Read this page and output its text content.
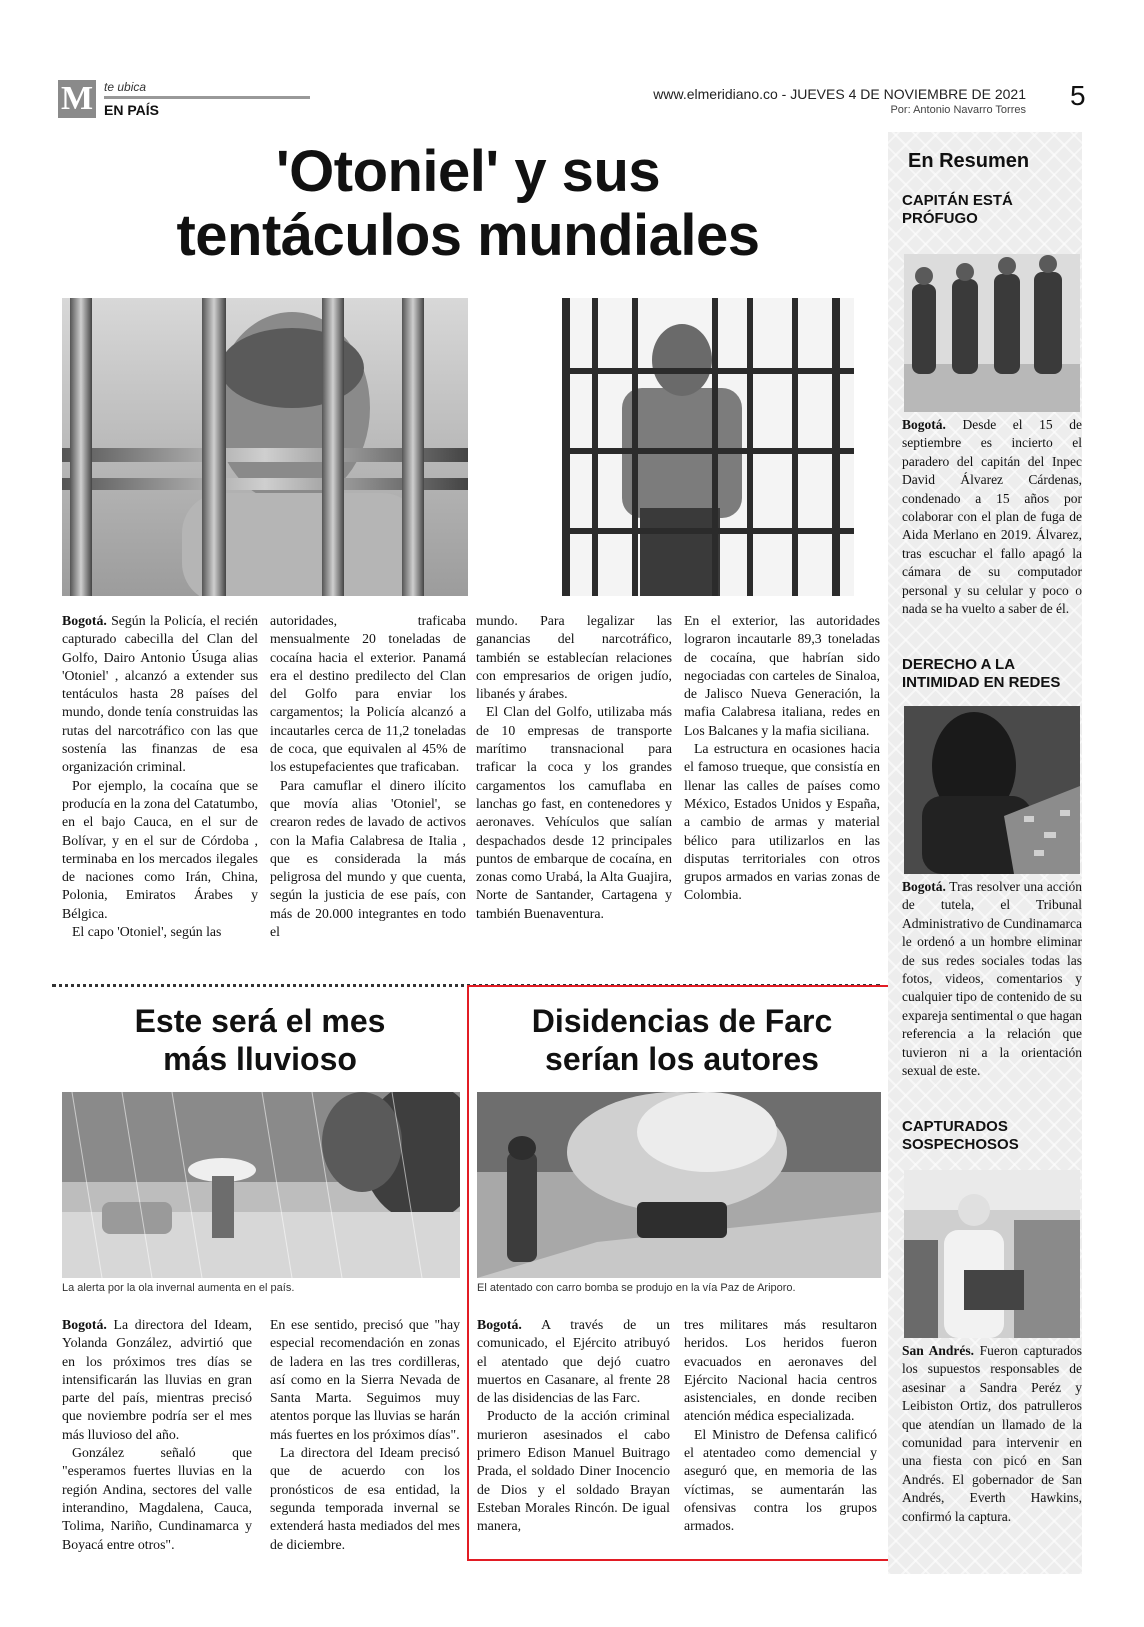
M te ubica
EN PAÍS
www.elmeridiano.co - JUEVES 4 DE NOVIEMBRE DE 2021
Por: Antonio Navarro Torres 5
'Otoniel' y sus
tentáculos mundiales

Bogotá. Según la Policía, el recién capturado cabecilla del Clan del Golfo, Dairo Antonio Úsuga alias 'Otoniel' , alcanzó a extender sus tentáculos hasta 28 países del mundo, donde tenía construidas las rutas del narcotráfico con las que sostenía las finanzas de esa organización criminal.

Por ejemplo, la cocaína que se producía en la zona del Catatumbo, en el bajo Cauca, en el sur de Bolívar, y en el sur de Córdoba , terminaba en los mercados ilegales de naciones como Irán, China, Polonia, Emiratos Árabes y Bélgica.

El capo 'Otoniel', según las

autoridades, traficaba mensualmente 20 toneladas de cocaína hacia el exterior. Panamá era el destino predilecto del Clan del Golfo para enviar los cargamentos; la Policía alcanzó a incautarles cerca de 11,2 toneladas de coca, que equivalen al 45% de los estupefacientes que traficaban.

Para camuflar el dinero ilícito que movía alias 'Otoniel', se crearon redes de lavado de activos con la Mafia Calabresa de Italia , que es considerada la más peligrosa del mundo y que cuenta, según la justicia de ese país, con más de 20.000 integrantes en todo el

mundo. Para legalizar las ganancias del narcotráfico, también se establecían relaciones con empresarios de origen judío, libanés y árabes.

El Clan del Golfo, utilizaba más de 10 empresas de transporte marítimo transnacional para traficar la coca y los grandes cargamentos los camuflaba en lanchas go fast, en contenedores y aeronaves. Vehículos que salían despachados desde 12 principales puntos de embarque de cocaína, en zonas como Urabá, la Alta Guajira, Norte de Santander, Cartagena y también Buenaventura.

En el exterior, las autoridades lograron incautarle 89,3 toneladas de cocaína, que habrían sido negociadas con carteles de Sinaloa, de Jalisco Nueva Generación, la mafia Calabresa italiana, redes en Los Balcanes y la mafia siciliana.

La estructura en ocasiones hacia el famoso trueque, que consistía en llenar las calles de países como México, Estados Unidos y España, a cambio de armas y material bélico para utilizarlos en las disputas territoriales con otros grupos armados en varias zonas de Colombia.

Este será el mes
más lluvioso
La alerta por la ola invernal aumenta en el país.

Bogotá. La directora del Ideam, Yolanda González, advirtió que en los próximos tres días se intensificarán las lluvias en gran parte del país, mientras precisó que noviembre podría ser el mes más lluvioso del año.

González señaló que "esperamos fuertes lluvias en la región Andina, sectores del valle interandino, Magdalena, Cauca, Tolima, Nariño, Cundinamarca y Boyacá entre otros".

En ese sentido, precisó que "hay especial recomendación en zonas de ladera en las tres cordilleras, así como en la Sierra Nevada de Santa Marta. Seguimos muy atentos porque las lluvias se harán más fuertes en los próximos días".

La directora del Ideam precisó que de acuerdo con los pronósticos de esa entidad, la segunda temporada invernal se extenderá hasta mediados del mes de diciembre.

Disidencias de Farc
serían los autores
El atentado con carro bomba se produjo en la vía Paz de Ariporo.

Bogotá. A través de un comunicado, el Ejército atribuyó el atentado que dejó cuatro muertos en Casanare, al frente 28 de las disidencias de las Farc.

Producto de la acción criminal murieron asesinados el cabo primero Edison Manuel Buitrago Prada, el soldado Diner Inocencio de Dios y el soldado Brayan Esteban Morales Rincón. De igual manera,

tres militares más resultaron heridos. Los heridos fueron evacuados en aeronaves del Ejército Nacional hacia centros asistenciales, en donde reciben atención médica especializada.

El Ministro de Defensa calificó el atentadeo como demencial y aseguró que, en memoria de las víctimas, se aumentarán las ofensivas contra los grupos armados.

En Resumen
CAPITÁN ESTÁ PRÓFUGO
Bogotá. Desde el 15 de septiembre es incierto el paradero del capitán del Inpec David Álvarez Cárdenas, condenado a 15 años por colaborar con el plan de fuga de Aida Merlano en 2019. Álvarez, tras escuchar el fallo apagó la cámara de su computador personal y su celular y poco o nada se ha vuelto a saber de él.
DERECHO A LA INTIMIDAD EN REDES
Bogotá. Tras resolver una acción de tutela, el Tribunal Administrativo de Cundinamarca le ordenó a un hombre eliminar de sus redes sociales todas las fotos, videos, comentarios y cualquier tipo de contenido de su expareja sentimental o que hagan referencia a la relación que tuvieron ni a la orientación sexual de este.
CAPTURADOS SOSPECHOSOS
San Andrés. Fueron capturados los supuestos responsables de asesinar a Sandra Peréz y Leibiston Ortiz, dos patrulleros que atendían un llamado de la comunidad para intervenir en una fiesta con picó en San Andrés. El gobernador de San Andrés, Everth Hawkins, confirmó la captura.
